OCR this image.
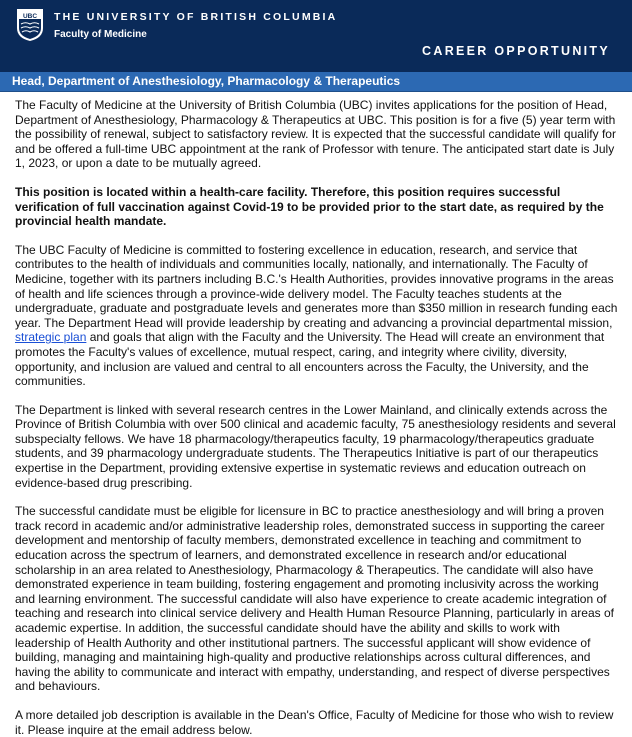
UBC THE UNIVERSITY OF BRITISH COLUMBIA
Faculty of Medicine
CAREER OPPORTUNITY
Head, Department of Anesthesiology, Pharmacology & Therapeutics

The Faculty of Medicine at the University of British Columbia (UBC) invites applications for the position of Head, Department of Anesthesiology, Pharmacology & Therapeutics at UBC. This position is for a five (5) year term with the possibility of renewal, subject to satisfactory review. It is expected that the successful candidate will qualify for and be offered a full-time UBC appointment at the rank of Professor with tenure. The anticipated start date is July 1, 2023, or upon a date to be mutually agreed.

This position is located within a health-care facility. Therefore, this position requires successful verification of full vaccination against Covid-19 to be provided prior to the start date, as required by the provincial health mandate.

The UBC Faculty of Medicine is committed to fostering excellence in education, research, and service that contributes to the health of individuals and communities locally, nationally, and internationally. The Faculty of Medicine, together with its partners including B.C.'s Health Authorities, provides innovative programs in the areas of health and life sciences through a province-wide delivery model. The Faculty teaches students at the undergraduate, graduate and postgraduate levels and generates more than $350 million in research funding each year. The Department Head will provide leadership by creating and advancing a provincial departmental mission, strategic plan and goals that align with the Faculty and the University. The Head will create an environment that promotes the Faculty's values of excellence, mutual respect, caring, and integrity where civility, diversity, opportunity, and inclusion are valued and central to all encounters across the Faculty, the University, and the communities.

The Department is linked with several research centres in the Lower Mainland, and clinically extends across the Province of British Columbia with over 500 clinical and academic faculty, 75 anesthesiology residents and several subspecialty fellows. We have 18 pharmacology/therapeutics faculty, 19 pharmacology/therapeutics graduate students, and 39 pharmacology undergraduate students. The Therapeutics Initiative is part of our therapeutics expertise in the Department, providing extensive expertise in systematic reviews and education outreach on evidence-based drug prescribing.

The successful candidate must be eligible for licensure in BC to practice anesthesiology and will bring a proven track record in academic and/or administrative leadership roles, demonstrated success in supporting the career development and mentorship of faculty members, demonstrated excellence in teaching and commitment to education across the spectrum of learners, and demonstrated excellence in research and/or educational scholarship in an area related to Anesthesiology, Pharmacology & Therapeutics. The candidate will also have demonstrated experience in team building, fostering engagement and promoting inclusivity across the working and learning environment. The successful candidate will also have experience to create academic integration of teaching and research into clinical service delivery and Health Human Resource Planning, particularly in areas of academic expertise. In addition, the successful candidate should have the ability and skills to work with leadership of Health Authority and other institutional partners. The successful applicant will show evidence of building, managing and maintaining high-quality and productive relationships across cultural differences, and having the ability to communicate and interact with empathy, understanding, and respect of diverse perspectives and behaviours.

A more detailed job description is available in the Dean's Office, Faculty of Medicine for those who wish to review it. Please inquire at the email address below.
